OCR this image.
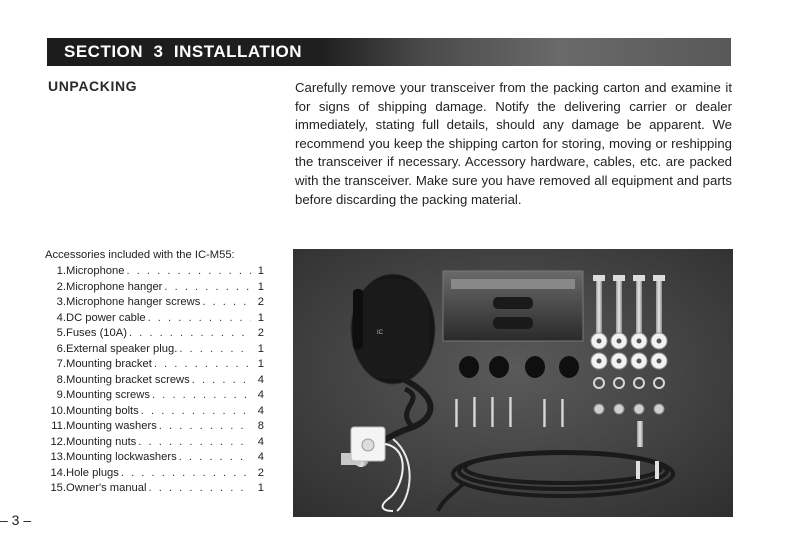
SECTION  3  INSTALLATION
UNPACKING	Carefully remove your transceiver from the packing carton and examine it for signs of shipping damage. Notify the delivering carrier or dealer immediately, stating full details, should any damage be apparent. We recommend you keep the shipping carton for storing, moving or reshipping the transceiver if necessary. Accessory hardware, cables, etc. are packed with the transceiver. Make sure you have removed all equipment and parts before discarding the packing material.
Accessories included with the IC-M55:
1. Microphone . . .	1
2. Microphone hanger . . .	1
3. Microphone hanger screws . . .	2
4. DC power cable . . .	1
5. Fuses (10A) . . .	2
6. External speaker plug. . . .	1
7. Mounting bracket . . .	1
8. Mounting bracket screws . . .	4
9. Mounting screws . . .	4
10. Mounting bolts . . .	4
11. Mounting washers . . .	8
12. Mounting nuts . . .	4
13. Mounting lockwashers . . .	4
14. Hole plugs . . .	2
15. Owner's manual . . .	1
– 3 –
IC
